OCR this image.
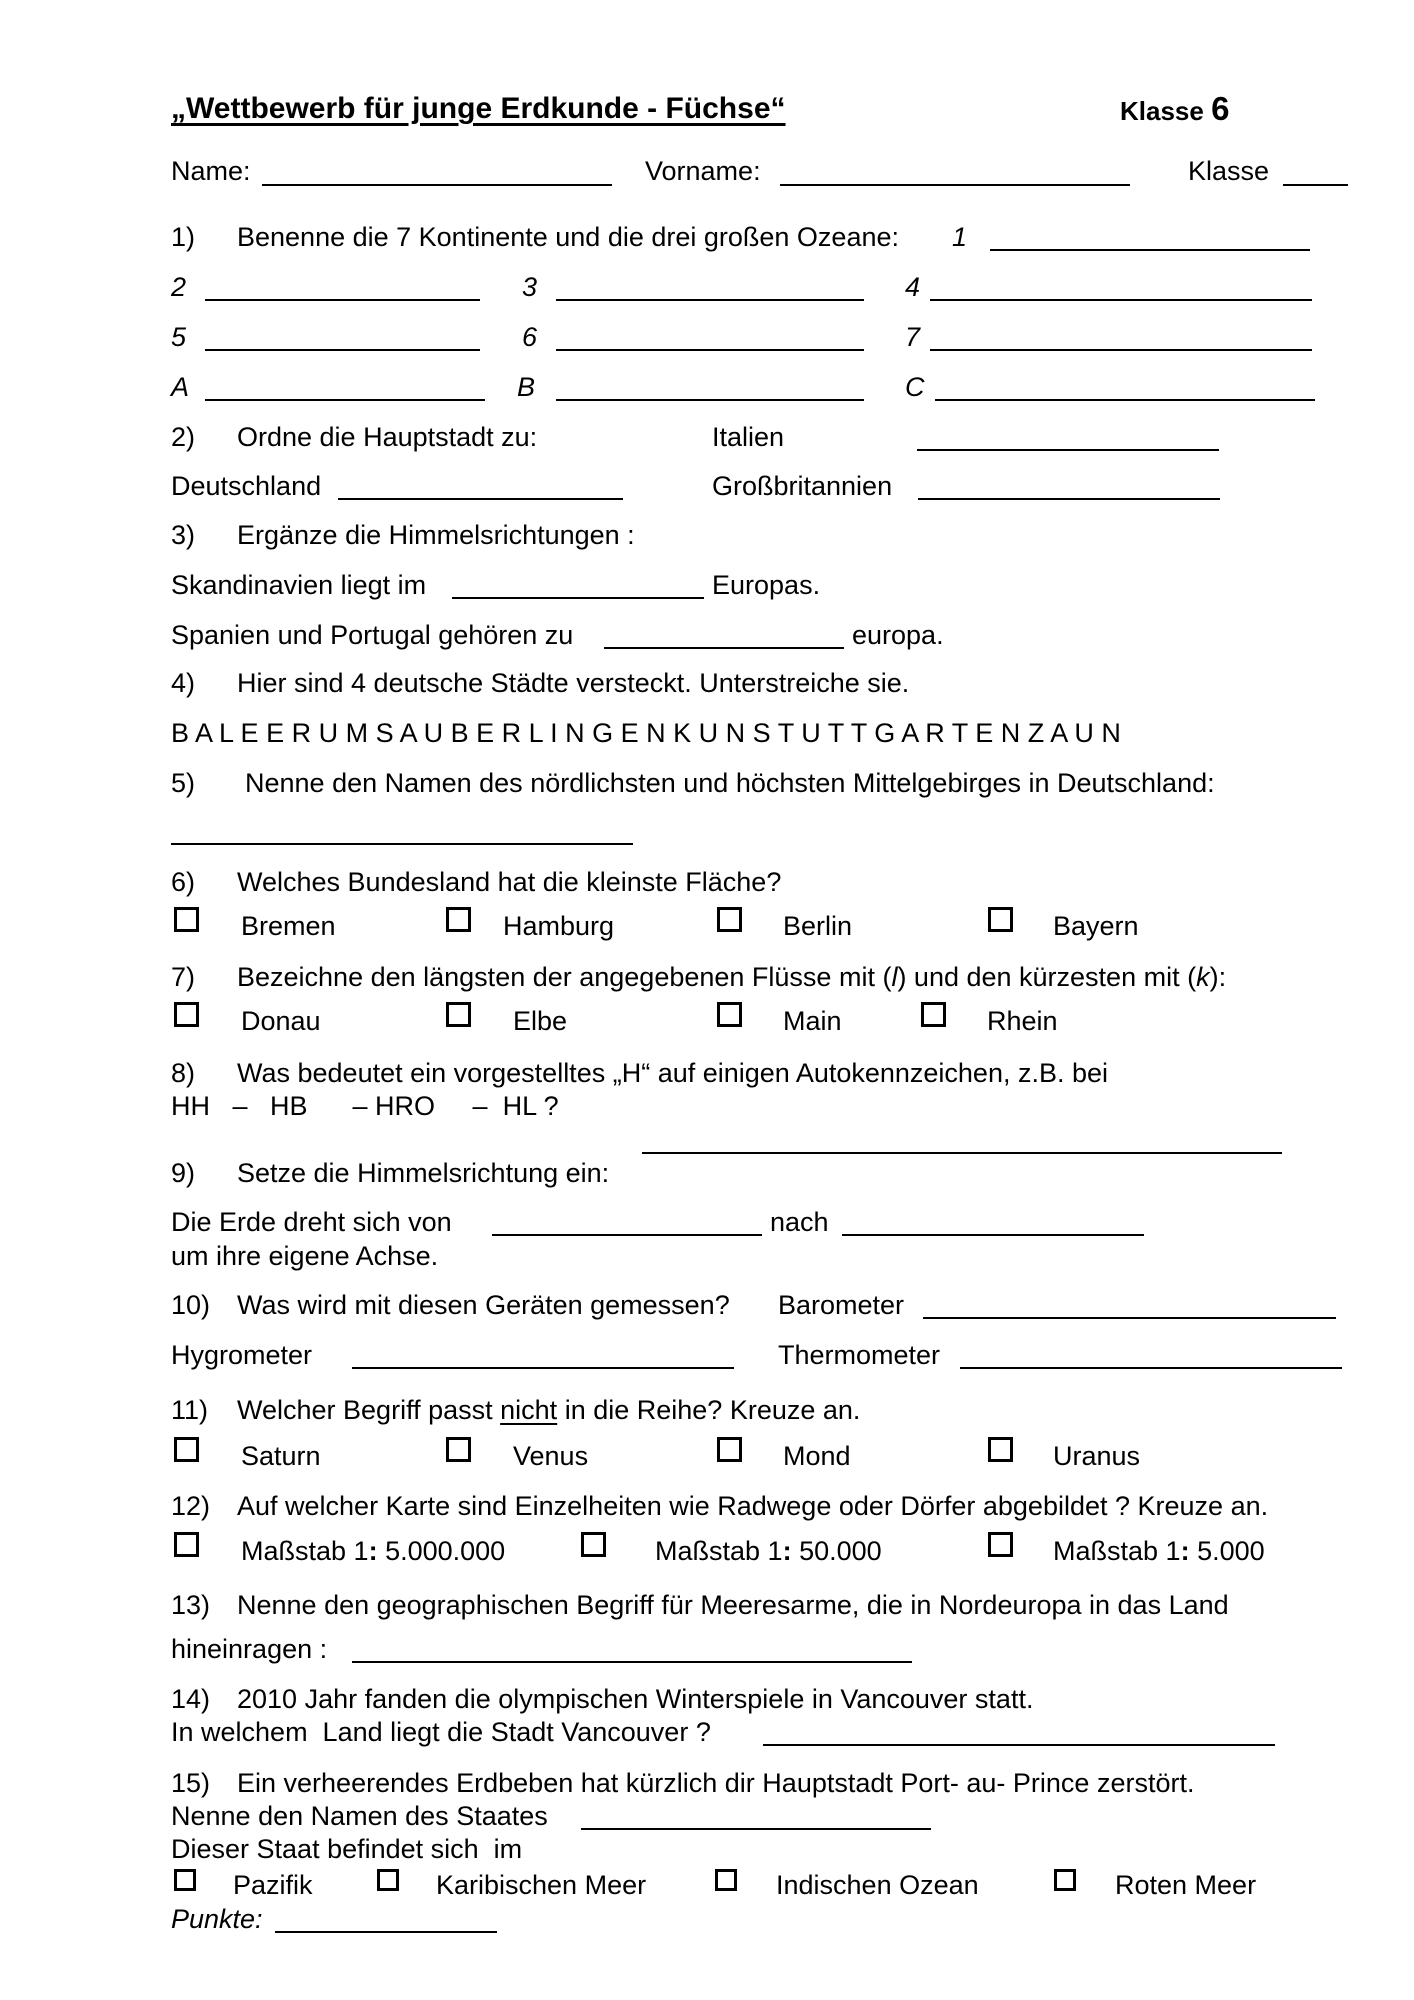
„Wettbewerb für junge Erdkunde - Füchse“	Klasse 6
Name:	Vorname:	Klasse
1) Benenne die 7 Kontinente und die drei großen Ozeane: 1
2	3	4
5	6	7
A	B	C
2) Ordne die Hauptstadt zu:	Italien
Deutschland	Großbritannien
3) Ergänze die Himmelsrichtungen :
Skandinavien liegt im	Europas.
Spanien und Portugal gehören zu	europa.
4) Hier sind 4 deutsche Städte versteckt. Unterstreiche sie.
B A L E E R U M S A U B E R L I N G E N K U N S T U T T G A R T E N Z A U N
5) Nenne den Namen des nördlichsten und höchsten Mittelgebirges in Deutschland:
6) Welches Bundesland hat die kleinste Fläche?
Bremen	Hamburg	Berlin	Bayern
7) Bezeichne den längsten der angegebenen Flüsse mit (l) und den kürzesten mit (k):
Donau	Elbe	Main	Rhein
8) Was bedeutet ein vorgestelltes „H“ auf einigen Autokennzeichen, z.B. bei
HH   –   HB      – HRO     –  HL ?
9) Setze die Himmelsrichtung ein:
Die Erde dreht sich von	nach
um ihre eigene Achse.
10) Was wird mit diesen Geräten gemessen? Barometer
Hygrometer	Thermometer
11) Welcher Begriff passt nicht in die Reihe? Kreuze an.
Saturn	Venus	Mond	Uranus
12) Auf welcher Karte sind Einzelheiten wie Radwege oder Dörfer abgebildet ? Kreuze an.
Maßstab 1: 5.000.000	Maßstab 1: 50.000	Maßstab 1: 5.000
13) Nenne den geographischen Begriff für Meeresarme, die in Nordeuropa in das Land
hineinragen :
14) 2010 Jahr fanden die olympischen Winterspiele in Vancouver statt.
In welchem  Land liegt die Stadt Vancouver ?
15) Ein verheerendes Erdbeben hat kürzlich dir Hauptstadt Port- au- Prince zerstört.
Nenne den Namen des Staates
Dieser Staat befindet sich  im
Pazifik	Karibischen Meer	Indischen Ozean	Roten Meer
Punkte:
